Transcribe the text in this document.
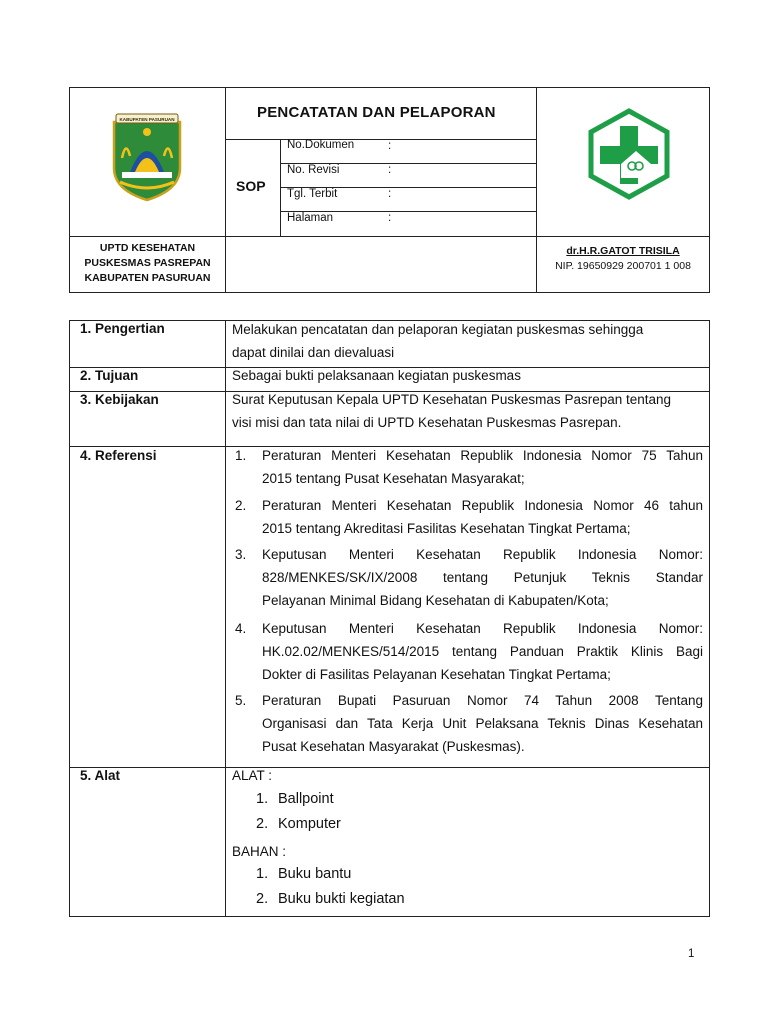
KABUPATEN PASURUAN	PENCATATAN DAN PELAPORAN
SOP
No.Dokumen	:
No. Revisi	:
Tgl. Terbit	:
Halaman	:
UPTD KESEHATAN
PUSKESMAS PASREPAN
KABUPATEN PASURUAN
dr.H.R.GATOT TRISILA
NIP. 19650929 200701 1 008
1. Pengertian	Melakukan pencatatan dan pelaporan kegiatan puskesmas sehingga
dapat dinilai dan dievaluasi
2. Tujuan	Sebagai bukti pelaksanaan kegiatan puskesmas
3. Kebijakan	Surat Keputusan Kepala UPTD Kesehatan Puskesmas Pasrepan tentang
visi misi dan tata nilai di UPTD Kesehatan Puskesmas Pasrepan.
4. Referensi	1. Peraturan Menteri Kesehatan Republik Indonesia Nomor 75 Tahun
2015 tentang Pusat Kesehatan Masyarakat;
2. Peraturan Menteri Kesehatan Republik Indonesia Nomor 46 tahun
2015 tentang Akreditasi Fasilitas Kesehatan Tingkat Pertama;
3. Keputusan Menteri Kesehatan Republik Indonesia Nomor:
828/MENKES/SK/IX/2008 tentang Petunjuk Teknis Standar
Pelayanan Minimal Bidang Kesehatan di Kabupaten/Kota;
4. Keputusan Menteri Kesehatan Republik Indonesia Nomor:
HK.02.02/MENKES/514/2015 tentang Panduan Praktik Klinis Bagi
Dokter di Fasilitas Pelayanan Kesehatan Tingkat Pertama;
5. Peraturan Bupati Pasuruan Nomor 74 Tahun 2008 Tentang
Organisasi dan Tata Kerja Unit Pelaksana Teknis Dinas Kesehatan
Pusat Kesehatan Masyarakat (Puskesmas).
5. Alat	ALAT :
1. Ballpoint
2. Komputer
BAHAN :
1. Buku bantu
2. Buku bukti kegiatan
1
